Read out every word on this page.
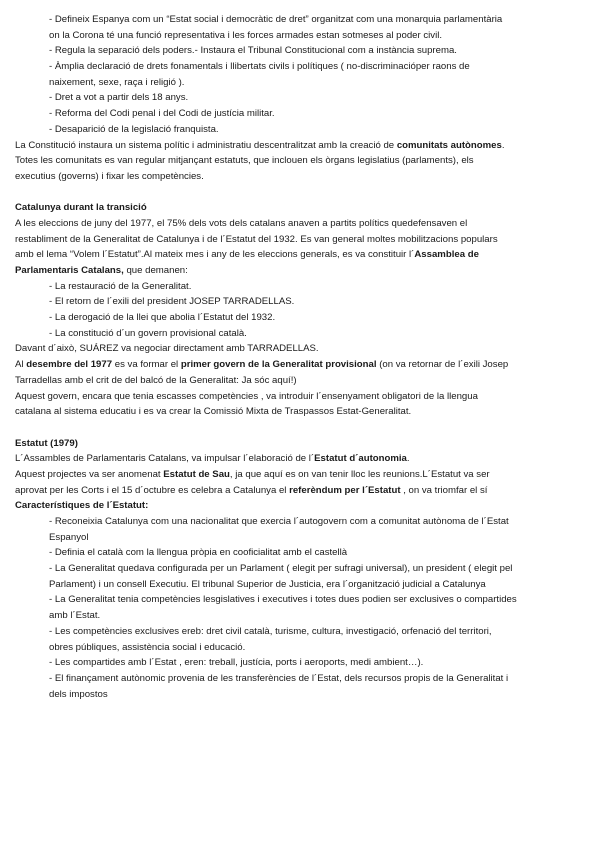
- Defineix Espanya com un “Estat social i democràtic de dret” organitzat com una monarquia parlamentària
on la Corona té una funció representativa i les forces armades estan sotmeses al poder civil.
- Regula la separació dels poders.- Instaura el Tribunal Constitucional com a instància suprema.
- Àmplia declaració de drets fonamentals i llibertats civils i polítiques ( no-discriminacióper raons de
naixement, sexe, raça i religió ).
- Dret a vot a partir dels 18 anys.
- Reforma del Codi penal i del Codi de justícia militar.
- Desaparició de la legislació franquista.
La Constitució instaura un sistema polític i administratiu descentralitzat amb la creació de comunitats autònomes.
Totes les comunitats es van regular mitjançant estatuts, que inclouen els òrgans legislatius (parlaments), els
executius (governs) i fixar les competències.
Catalunya durant la transició
A les eleccions de juny del 1977, el 75% dels vots dels catalans anaven a partits polítics quedefensaven el
restabliment de la Generalitat de Catalunya i de l´Estatut del 1932. Es van general moltes mobilitzacions populars
amb el lema “Volem l´Estatut”.Al mateix mes i any de les eleccions generals, es va constituir l´Assamblea de
Parlamentaris Catalans, que demanen:
- La restauració de la Generalitat.
- El retorn de l´exili del president JOSEP TARRADELLAS.
- La derogació de la llei que abolia l´Estatut del 1932.
- La constitució d´un govern provisional català.
Davant d´això, SUÁREZ va negociar directament amb TARRADELLAS.
Al desembre del 1977 es va formar el primer govern de la Generalitat provisional (on va retornar de l´exili Josep
Tarradellas amb el crit de del balcó de la Generalitat: Ja sóc aquí!)
Aquest govern, encara que tenia escasses competències , va introduir l´ensenyament obligatori de la llengua
catalana al sistema educatiu i es va crear la Comissió Mixta de Traspassos Estat-Generalitat.
Estatut (1979)
L´Assambles de Parlamentaris Catalans, va impulsar l´elaboració de l´Estatut d´autonomia.
Aquest projectes va ser anomenat Estatut de Sau, ja que aquí es on van tenir lloc les reunions.L´Estatut va ser
aprovat per les Corts i el 15 d´octubre es celebra a Catalunya el referèndum per l´Estatut , on va triomfar el sí
Característiques de l´Estatut:
- Reconeixia Catalunya com una nacionalitat que exercia l´autogovern com a comunitat autònoma de l´Estat
Espanyol
- Definia el català com la llengua pròpia en cooficialitat amb el castellà
- La Generalitat quedava configurada per un Parlament ( elegit per sufragi universal), un president ( elegit pel
Parlament) i un consell Executiu. El tribunal Superior de Justicia, era l´organització judicial a Catalunya
- La Generalitat tenia competències lesgislatives i executives i totes dues podien ser exclusives o compartides
amb l´Estat.
- Les competències exclusives ereb: dret civil català, turisme, cultura, investigació, orfenació del territori,
obres públiques, assistència social i educació.
- Les compartides amb l´Estat , eren: treball, justícia, ports i aeroports, medi ambient…).
- El finançament autònomic provenia de les transferències de l´Estat, dels recursos propis de la Generalitat i
dels impostos
